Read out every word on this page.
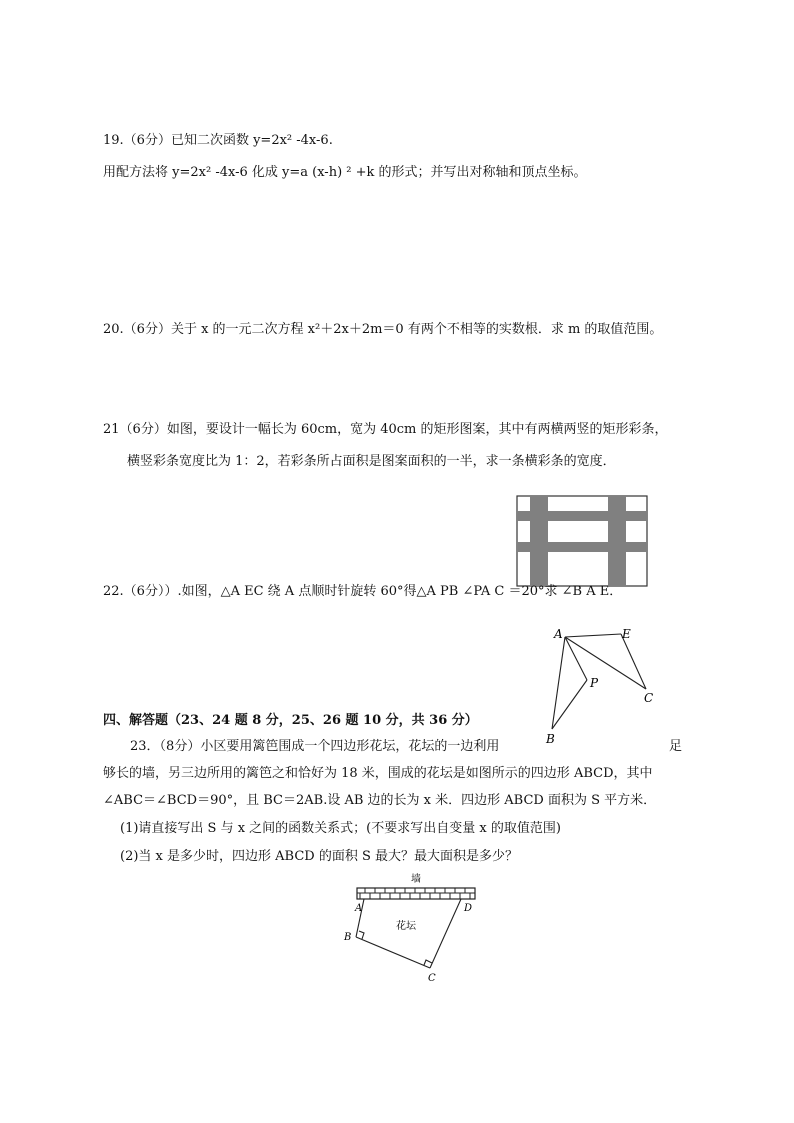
19.（6分）已知二次函数 y=2x² -4x-6.
用配方法将 y=2x² -4x-6 化成 y=a (x-h) ² +k 的形式；并写出对称轴和顶点坐标。
20.（6分）关于 x 的一元二次方程 x²＋2x＋2m＝0 有两个不相等的实数根．求 m 的取值范围。
21（6分）如图，要设计一幅长为 60cm，宽为 40cm 的矩形图案，其中有两横两竖的矩形彩条，
横竖彩条宽度比为 1：2，若彩条所占面积是图案面积的一半，求一条横彩条的宽度．
22.（6分））.如图，△A EC 绕 A 点顺时针旋转 60°得△A PB ∠PA C ＝20°求 ∠B A E．
A	E
P
C
B
四、解答题（23、24 题 8 分，25、26 题 10 分，共 36 分）
23．（8分）小区要用篱笆围成一个四边形花坛，花坛的一边利用	足
够长的墙，另三边所用的篱笆之和恰好为 18 米，围成的花坛是如图所示的四边形 ABCD，其中
∠ABC＝∠BCD＝90°，且 BC＝2AB.设 AB 边的长为 x 米．四边形 ABCD 面积为 S 平方米．
(1)请直接写出 S 与 x 之间的函数关系式；(不要求写出自变量 x 的取值范围)
(2)当 x 是多少时，四边形 ABCD 的面积 S 最大？最大面积是多少？
墙
A	D
B
C
花坛
